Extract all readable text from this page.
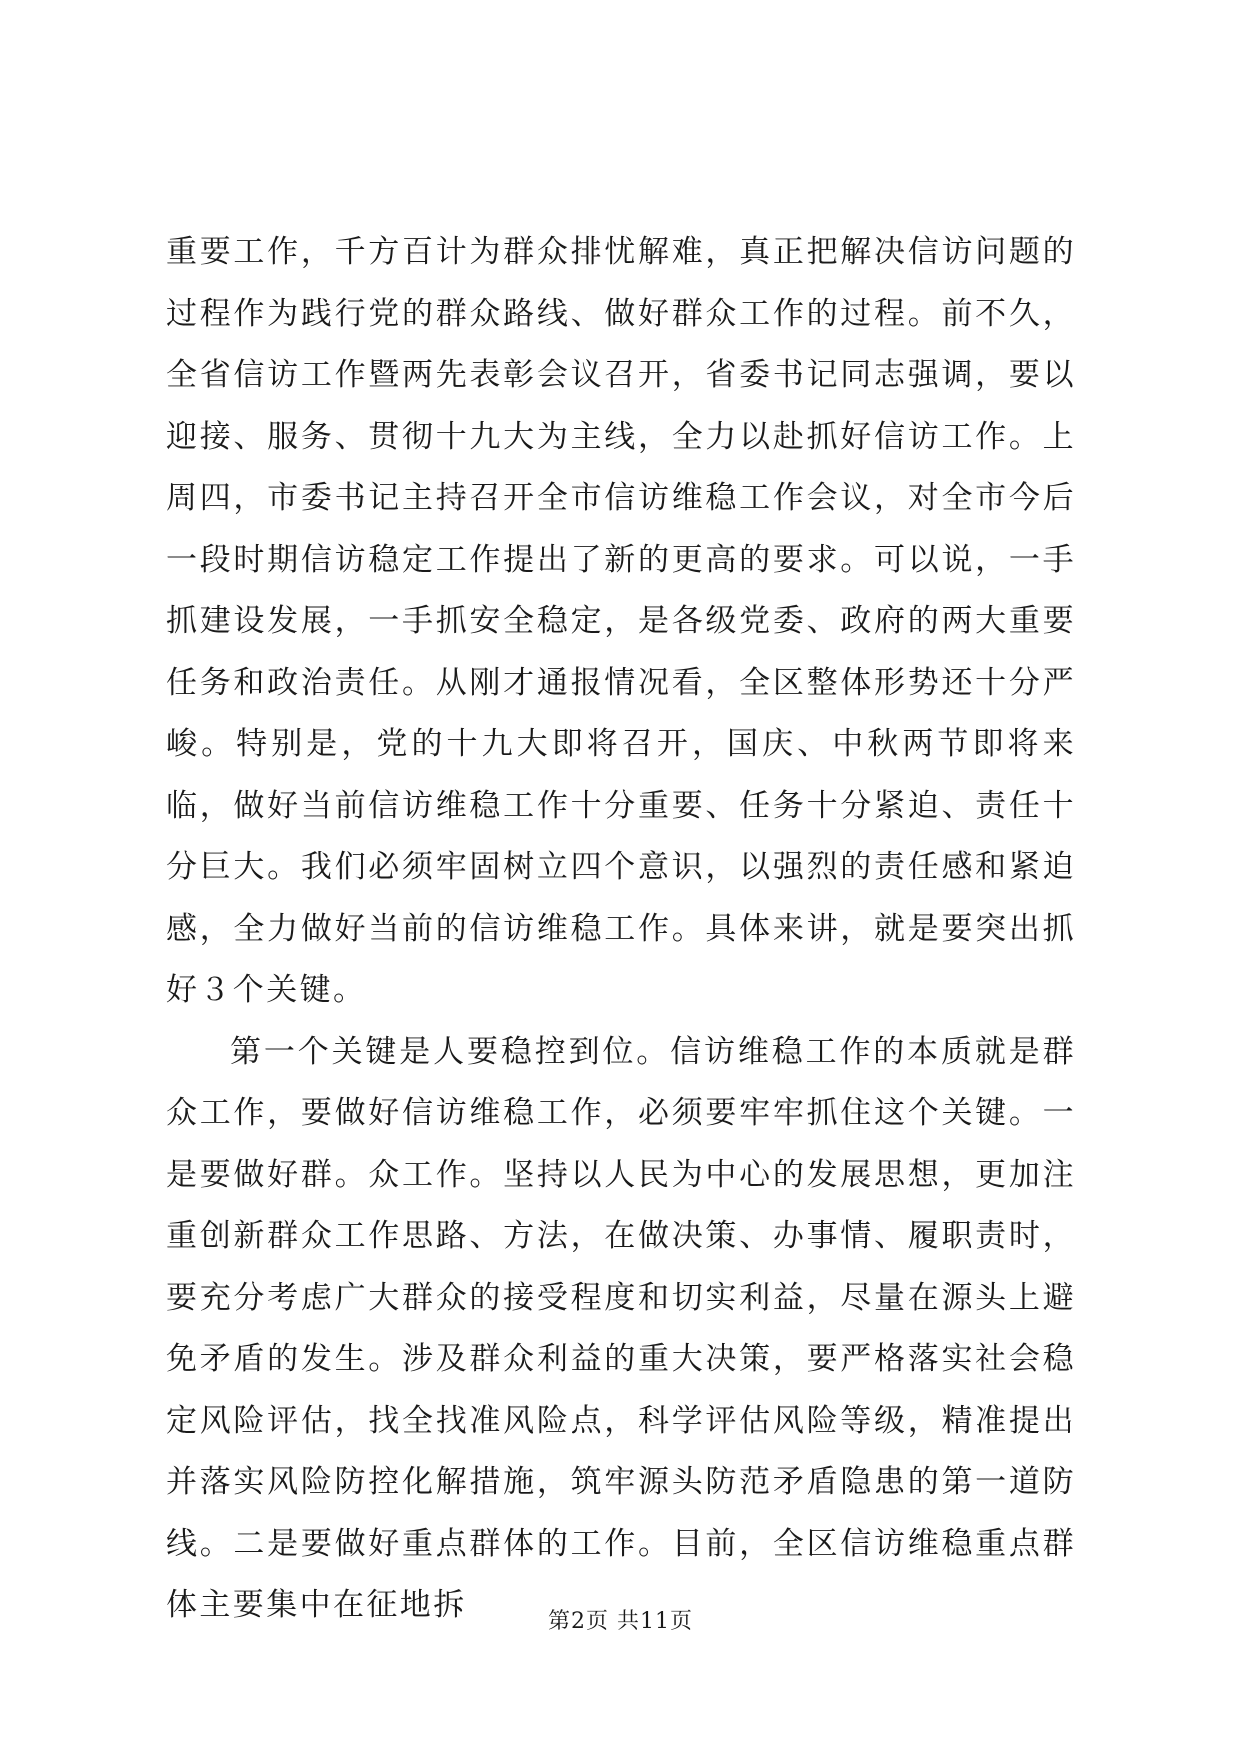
重要工作，千方百计为群众排忧解难，真正把解决信访问题的过程作为践行党的群众路线、做好群众工作的过程。前不久，全省信访工作暨两先表彰会议召开，省委书记同志强调，要以迎接、服务、贯彻十九大为主线，全力以赴抓好信访工作。上周四，市委书记主持召开全市信访维稳工作会议，对全市今后一段时期信访稳定工作提出了新的更高的要求。可以说，一手抓建设发展，一手抓安全稳定，是各级党委、政府的两大重要任务和政治责任。从刚才通报情况看，全区整体形势还十分严峻。特别是，党的十九大即将召开，国庆、中秋两节即将来临，做好当前信访维稳工作十分重要、任务十分紧迫、责任十分巨大。我们必须牢固树立四个意识，以强烈的责任感和紧迫感，全力做好当前的信访维稳工作。具体来讲，就是要突出抓好３个关键。

第一个关键是人要稳控到位。信访维稳工作的本质就是群众工作，要做好信访维稳工作，必须要牢牢抓住这个关键。一是要做好群。众工作。坚持以人民为中心的发展思想，更加注重创新群众工作思路、方法，在做决策、办事情、履职责时，要充分考虑广大群众的接受程度和切实利益，尽量在源头上避免矛盾的发生。涉及群众利益的重大决策，要严格落实社会稳定风险评估，找全找准风险点，科学评估风险等级，精准提出并落实风险防控化解措施，筑牢源头防范矛盾隐患的第一道防线。二是要做好重点群体的工作。目前，全区信访维稳重点群体主要集中在征地拆	第2页 共11页
